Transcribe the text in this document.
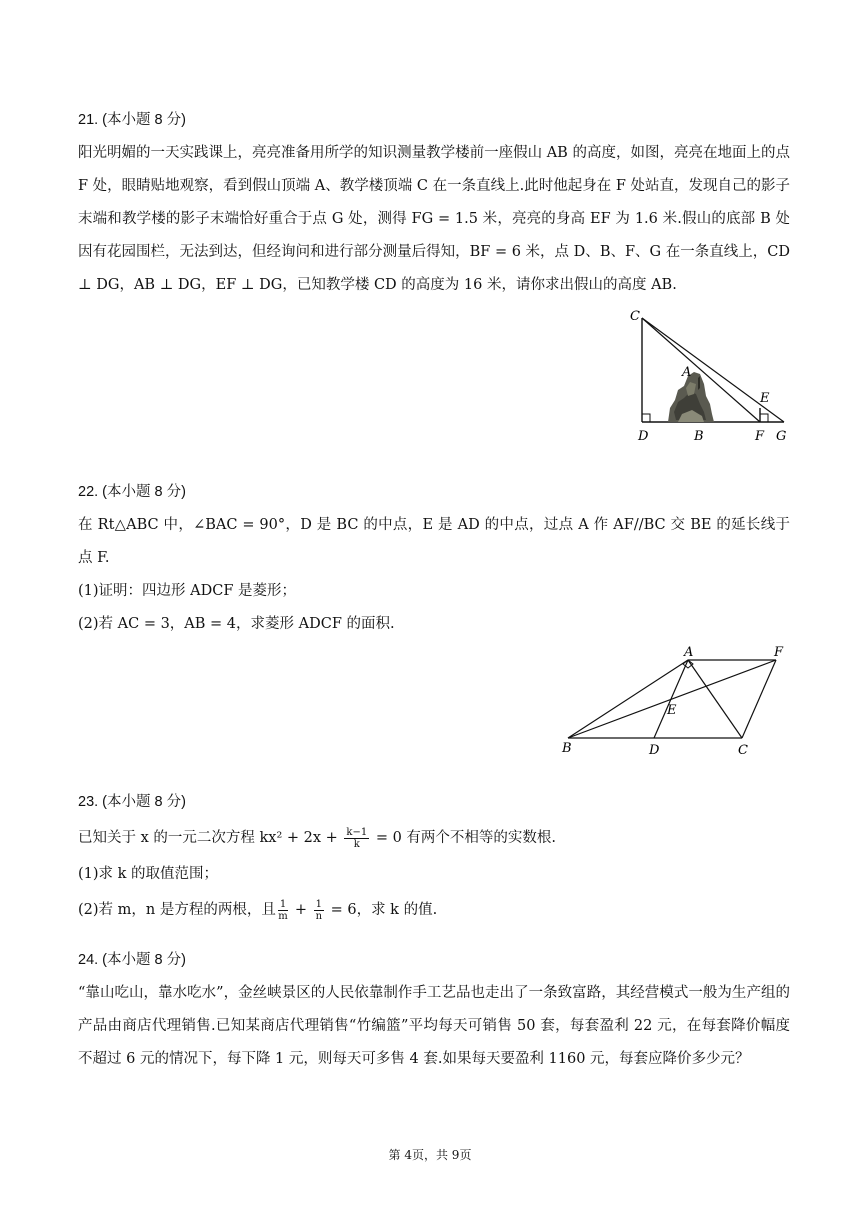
21. (本小题 8 分)

阳光明媚的一天实践课上，亮亮准备用所学的知识测量教学楼前一座假山 AB 的高度，如图，亮亮在地面上的点 F 处，眼睛贴地观察，看到假山顶端 A、教学楼顶端 C 在一条直线上.此时他起身在 F 处站直，发现自己的影子末端和教学楼的影子末端恰好重合于点 G 处，测得 FG = 1.5 米，亮亮的身高 EF 为 1.6 米.假山的底部 B 处因有花园围栏，无法到达，但经询问和进行部分测量后得知，BF = 6 米，点 D、B、F、G 在一条直线上，CD ⊥ DG，AB ⊥ DG，EF ⊥ DG，已知教学楼 CD 的高度为 16 米，请你求出假山的高度 AB.

C
A
E
D	B	F G

22. (本小题 8 分)

在 Rt△ABC 中，∠BAC = 90°，D 是 BC 的中点，E 是 AD 的中点，过点 A 作 AF//BC 交 BE 的延长线于点 F.

(1)证明：四边形 ADCF 是菱形；

(2)若 AC = 3，AB = 4，求菱形 ADCF 的面积.

A	F
E
B	D	C

23. (本小题 8 分)

已知关于 x 的一元二次方程 $kx^2 + 2x + \frac{k-1}{k} = 0$ 有两个不相等的实数根.

(1)求 k 的取值范围；

(2)若 m，n 是方程的两根，且 $\frac{1}{m} + \frac{1}{n} = 6$，求 k 的值.

24. (本小题 8 分)

“靠山吃山，靠水吃水”，金丝峡景区的人民依靠制作手工艺品也走出了一条致富路，其经营模式一般为生产组的产品由商店代理销售.已知某商店代理销售“竹编篮”平均每天可销售 50 套，每套盈利 22 元，在每套降价幅度不超过 6 元的情况下，每下降 1 元，则每天可多售 4 套.如果每天要盈利 1160 元，每套应降价多少元？

第 4页，共 9页
